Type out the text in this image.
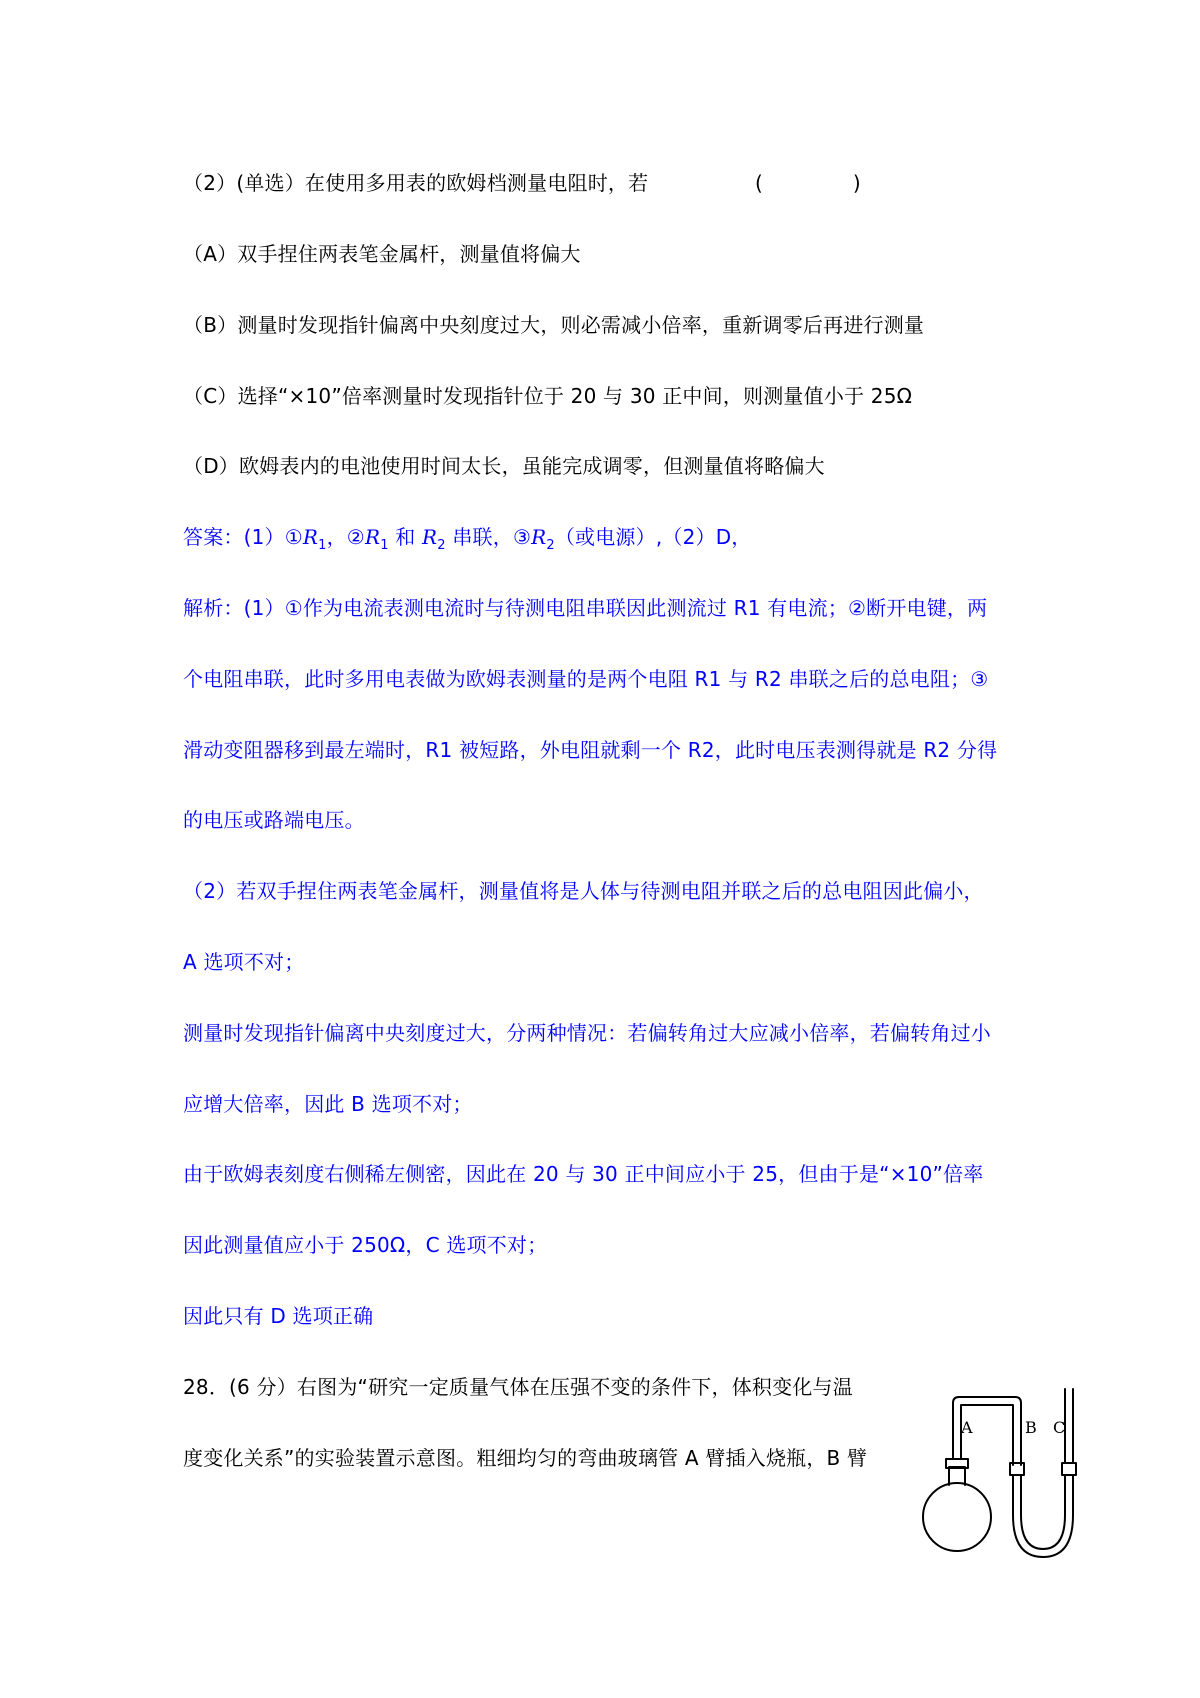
（2）(单选）在使用多用表的欧姆档测量电阻时，若	(	)
（A）双手捏住两表笔金属杆，测量值将偏大
（B）测量时发现指针偏离中央刻度过大，则必需减小倍率，重新调零后再进行测量
（C）选择“×10”倍率测量时发现指针位于 20 与 30 正中间，则测量值小于 25Ω
（D）欧姆表内的电池使用时间太长，虽能完成调零，但测量值将略偏大
答案：$(1)①R_1$，$②R_1$ 和 $R_2$ 串联，$③R_2$（或电源）,（2）D，
解析：(1）①作为电流表测电流时与待测电阻串联因此测流过 R1 有电流；②断开电键，两
个电阻串联，此时多用电表做为欧姆表测量的是两个电阻 R1 与 R2 串联之后的总电阻；③
滑动变阻器移到最左端时，R1 被短路，外电阻就剩一个 R2，此时电压表测得就是 R2 分得
的电压或路端电压。
（2）若双手捏住两表笔金属杆，测量值将是人体与待测电阻并联之后的总电阻因此偏小，
A 选项不对；
测量时发现指针偏离中央刻度过大，分两种情况：若偏转角过大应减小倍率，若偏转角过小
应增大倍率，因此 B 选项不对；
由于欧姆表刻度右侧稀左侧密，因此在 20 与 30 正中间应小于 25，但由于是“×10”倍率
因此测量值应小于 250Ω，C 选项不对；
因此只有 D 选项正确
28．(6 分）右图为“研究一定质量气体在压强不变的条件下，体积变化与温
度变化关系”的实验装置示意图。粗细均匀的弯曲玻璃管 A 臂插入烧瓶，B 臂
A	B C
